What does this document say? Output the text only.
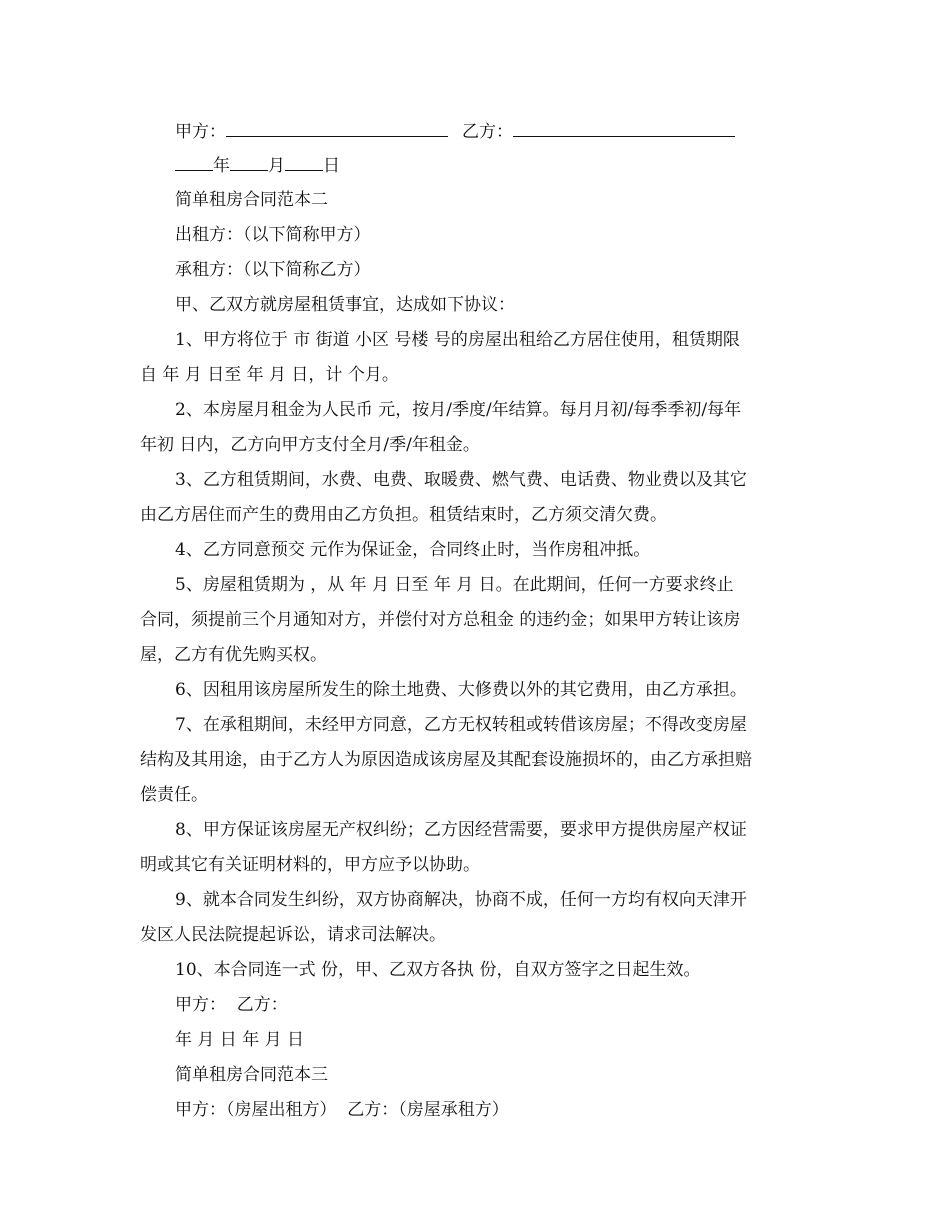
甲方：	乙方：
年 月 日
简单租房合同范本二
出租方：（以下简称甲方）
承租方：（以下简称乙方）
甲、乙双方就房屋租赁事宜，达成如下协议：
1、甲方将位于 市 街道 小区 号楼 号的房屋出租给乙方居住使用，租赁期限
自 年 月 日至 年 月 日，计 个月。
2、本房屋月租金为人民币 元，按月/季度/年结算。每月月初/每季季初/每年
年初 日内，乙方向甲方支付全月/季/年租金。
3、乙方租赁期间，水费、电费、取暖费、燃气费、电话费、物业费以及其它
由乙方居住而产生的费用由乙方负担。租赁结束时，乙方须交清欠费。
4、乙方同意预交 元作为保证金，合同终止时，当作房租冲抵。
5、房屋租赁期为 ，从 年 月 日至 年 月 日。在此期间，任何一方要求终止
合同，须提前三个月通知对方，并偿付对方总租金 的违约金；如果甲方转让该房
屋，乙方有优先购买权。
6、因租用该房屋所发生的除土地费、大修费以外的其它费用，由乙方承担。
7、在承租期间，未经甲方同意，乙方无权转租或转借该房屋；不得改变房屋
结构及其用途，由于乙方人为原因造成该房屋及其配套设施损坏的，由乙方承担赔
偿责任。
8、甲方保证该房屋无产权纠纷；乙方因经营需要，要求甲方提供房屋产权证
明或其它有关证明材料的，甲方应予以协助。
9、就本合同发生纠纷，双方协商解决，协商不成，任何一方均有权向天津开
发区人民法院提起诉讼，请求司法解决。
10、本合同连一式 份，甲、乙双方各执 份，自双方签字之日起生效。
甲方：  乙方：
年 月 日 年 月 日
简单租房合同范本三
甲方：（房屋出租方）  乙方：（房屋承租方）
